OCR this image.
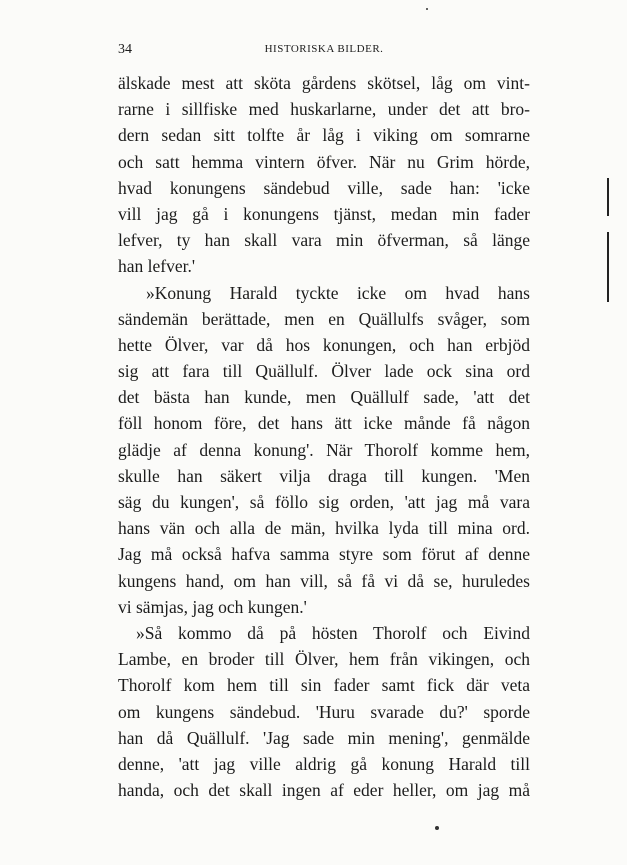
34	HISTORISKA BILDER.
älskade mest att sköta gårdens skötsel, låg om vint-
rarne i sillfiske med huskarlarne, under det att bro-
dern sedan sitt tolfte år låg i viking om somrarne
och satt hemma vintern öfver. När nu Grim hörde,
hvad konungens sändebud ville, sade han: 'icke
vill jag gå i konungens tjänst, medan min fader
lefver, ty han skall vara min öfverman, så länge
han lefver.'
»Konung Harald tyckte icke om hvad hans
sändemän berättade, men en Quällulfs svåger, som
hette Ölver, var då hos konungen, och han erbjöd
sig att fara till Quällulf. Ölver lade ock sina ord
det bästa han kunde, men Quällulf sade, 'att det
föll honom före, det hans ätt icke månde få någon
glädje af denna konung'. När Thorolf komme hem,
skulle han säkert vilja draga till kungen. 'Men
säg du kungen', så föllo sig orden, 'att jag må vara
hans vän och alla de män, hvilka lyda till mina ord.
Jag må också hafva samma styre som förut af denne
kungens hand, om han vill, så få vi då se, huruledes
vi sämjas, jag och kungen.'
»Så kommo då på hösten Thorolf och Eivind
Lambe, en broder till Ölver, hem från vikingen, och
Thorolf kom hem till sin fader samt fick där veta
om kungens sändebud. 'Huru svarade du?' sporde
han då Quällulf. 'Jag sade min mening', genmälde
denne, 'att jag ville aldrig gå konung Harald till
handa, och det skall ingen af eder heller, om jag må
